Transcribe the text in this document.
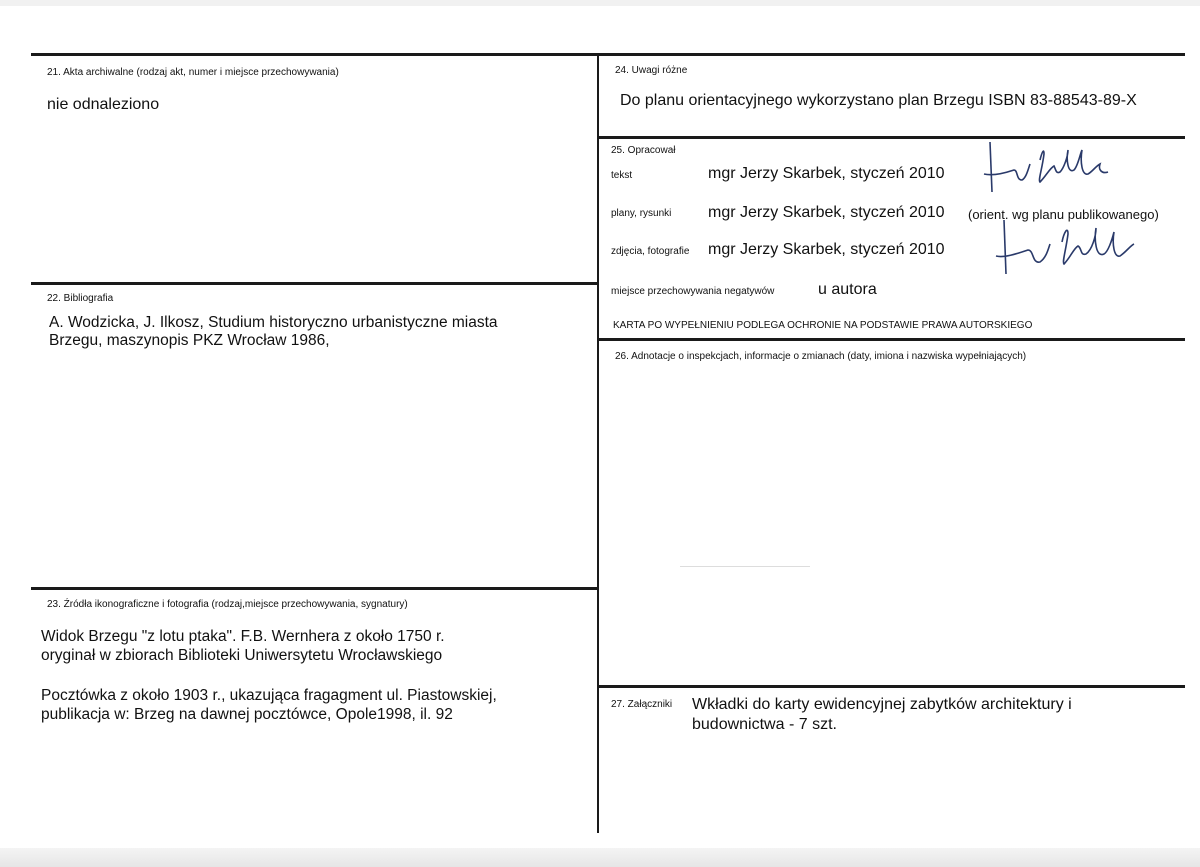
21. Akta archiwalne (rodzaj akt, numer i miejsce przechowywania)
nie odnaleziono
22. Bibliografia
A. Wodzicka, J. Ilkosz, Studium historyczno urbanistyczne miasta
Brzegu, maszynopis PKZ Wrocław 1986,
23. Źródła ikonograficzne i fotografia (rodzaj,miejsce przechowywania, sygnatury)
Widok Brzegu "z lotu ptaka". F.B. Wernhera z około 1750 r.
oryginał w zbiorach Biblioteki Uniwersytetu Wrocławskiego
Pocztówka z około 1903 r., ukazująca fragagment ul. Piastowskiej,
publikacja w: Brzeg na dawnej pocztówce, Opole1998, il. 92
24. Uwagi różne
Do planu orientacyjnego wykorzystano plan Brzegu ISBN 83-88543-89-X
25. Opracował
tekst	mgr Jerzy Skarbek, styczeń 2010
plany, rysunki mgr Jerzy Skarbek, styczeń 2010 (orient. wg planu publikowanego)
zdjęcia, fotografie mgr Jerzy Skarbek, styczeń 2010
miejsce przechowywania negatywów	u autora
KARTA PO WYPEŁNIENIU PODLEGA OCHRONIE NA PODSTAWIE PRAWA AUTORSKIEGO
26. Adnotacje o inspekcjach, informacje o zmianach (daty, imiona i nazwiska wypełniających)
27. Załączniki Wkładki do karty ewidencyjnej zabytków architektury i
budownictwa - 7 szt.
